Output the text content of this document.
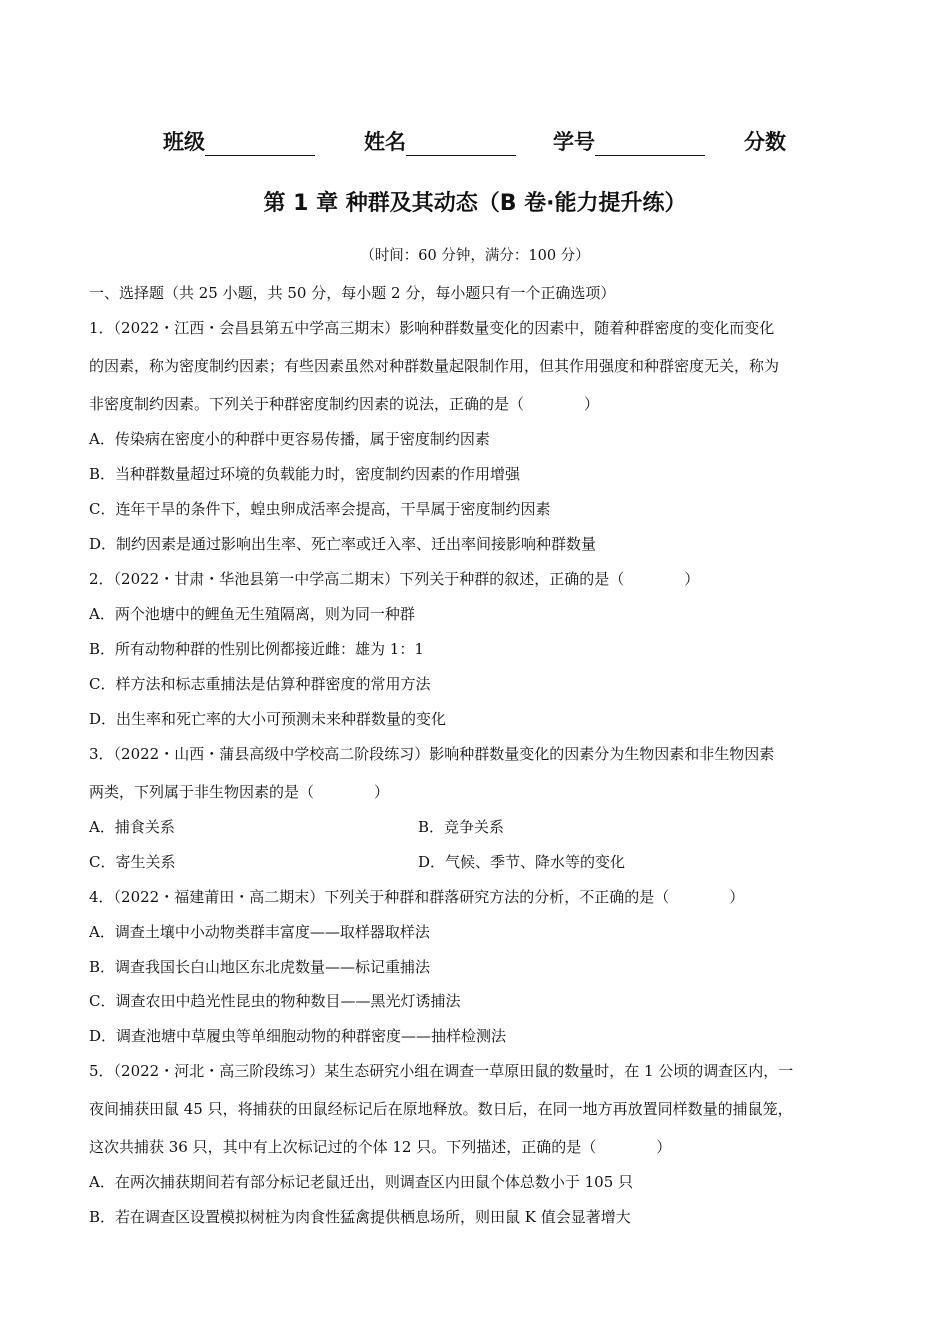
班级	姓名	学号	分数
第 1 章 种群及其动态（B 卷·能力提升练）
（时间：60 分钟，满分：100 分）
一、选择题（共 25 小题，共 50 分，每小题 2 分，每小题只有一个正确选项）
1．（2022・江西・会昌县第五中学高三期末）影响种群数量变化的因素中，随着种群密度的变化而变化
的因素，称为密度制约因素；有些因素虽然对种群数量起限制作用，但其作用强度和种群密度无关，称为
非密度制约因素。下列关于种群密度制约因素的说法，正确的是（　　　　）
A．传染病在密度小的种群中更容易传播，属于密度制约因素
B．当种群数量超过环境的负载能力时，密度制约因素的作用增强
C．连年干旱的条件下，蝗虫卵成活率会提高，干旱属于密度制约因素
D．制约因素是通过影响出生率、死亡率或迁入率、迁出率间接影响种群数量
2．（2022・甘肃・华池县第一中学高二期末）下列关于种群的叙述，正确的是（　　　　）
A．两个池塘中的鲤鱼无生殖隔离，则为同一种群
B．所有动物种群的性别比例都接近雌：雄为 1：1
C．样方法和标志重捕法是估算种群密度的常用方法
D．出生率和死亡率的大小可预测未来种群数量的变化
3．（2022・山西・蒲县高级中学校高二阶段练习）影响种群数量变化的因素分为生物因素和非生物因素
两类，下列属于非生物因素的是（　　　　）
A．捕食关系	B．竞争关系
C．寄生关系	D．气候、季节、降水等的变化
4．（2022・福建莆田・高二期末）下列关于种群和群落研究方法的分析，不正确的是（　　　　）
A．调查土壤中小动物类群丰富度——取样器取样法
B．调查我国长白山地区东北虎数量——标记重捕法
C．调查农田中趋光性昆虫的物种数目——黑光灯诱捕法
D．调查池塘中草履虫等单细胞动物的种群密度——抽样检测法
5．（2022・河北・高三阶段练习）某生态研究小组在调查一草原田鼠的数量时，在 1 公顷的调查区内，一
夜间捕获田鼠 45 只，将捕获的田鼠经标记后在原地释放。数日后，在同一地方再放置同样数量的捕鼠笼，
这次共捕获 36 只，其中有上次标记过的个体 12 只。下列描述，正确的是（　　　　）
A．在两次捕获期间若有部分标记老鼠迁出，则调查区内田鼠个体总数小于 105 只
B．若在调查区设置模拟树桩为肉食性猛禽提供栖息场所，则田鼠 K 值会显著增大
